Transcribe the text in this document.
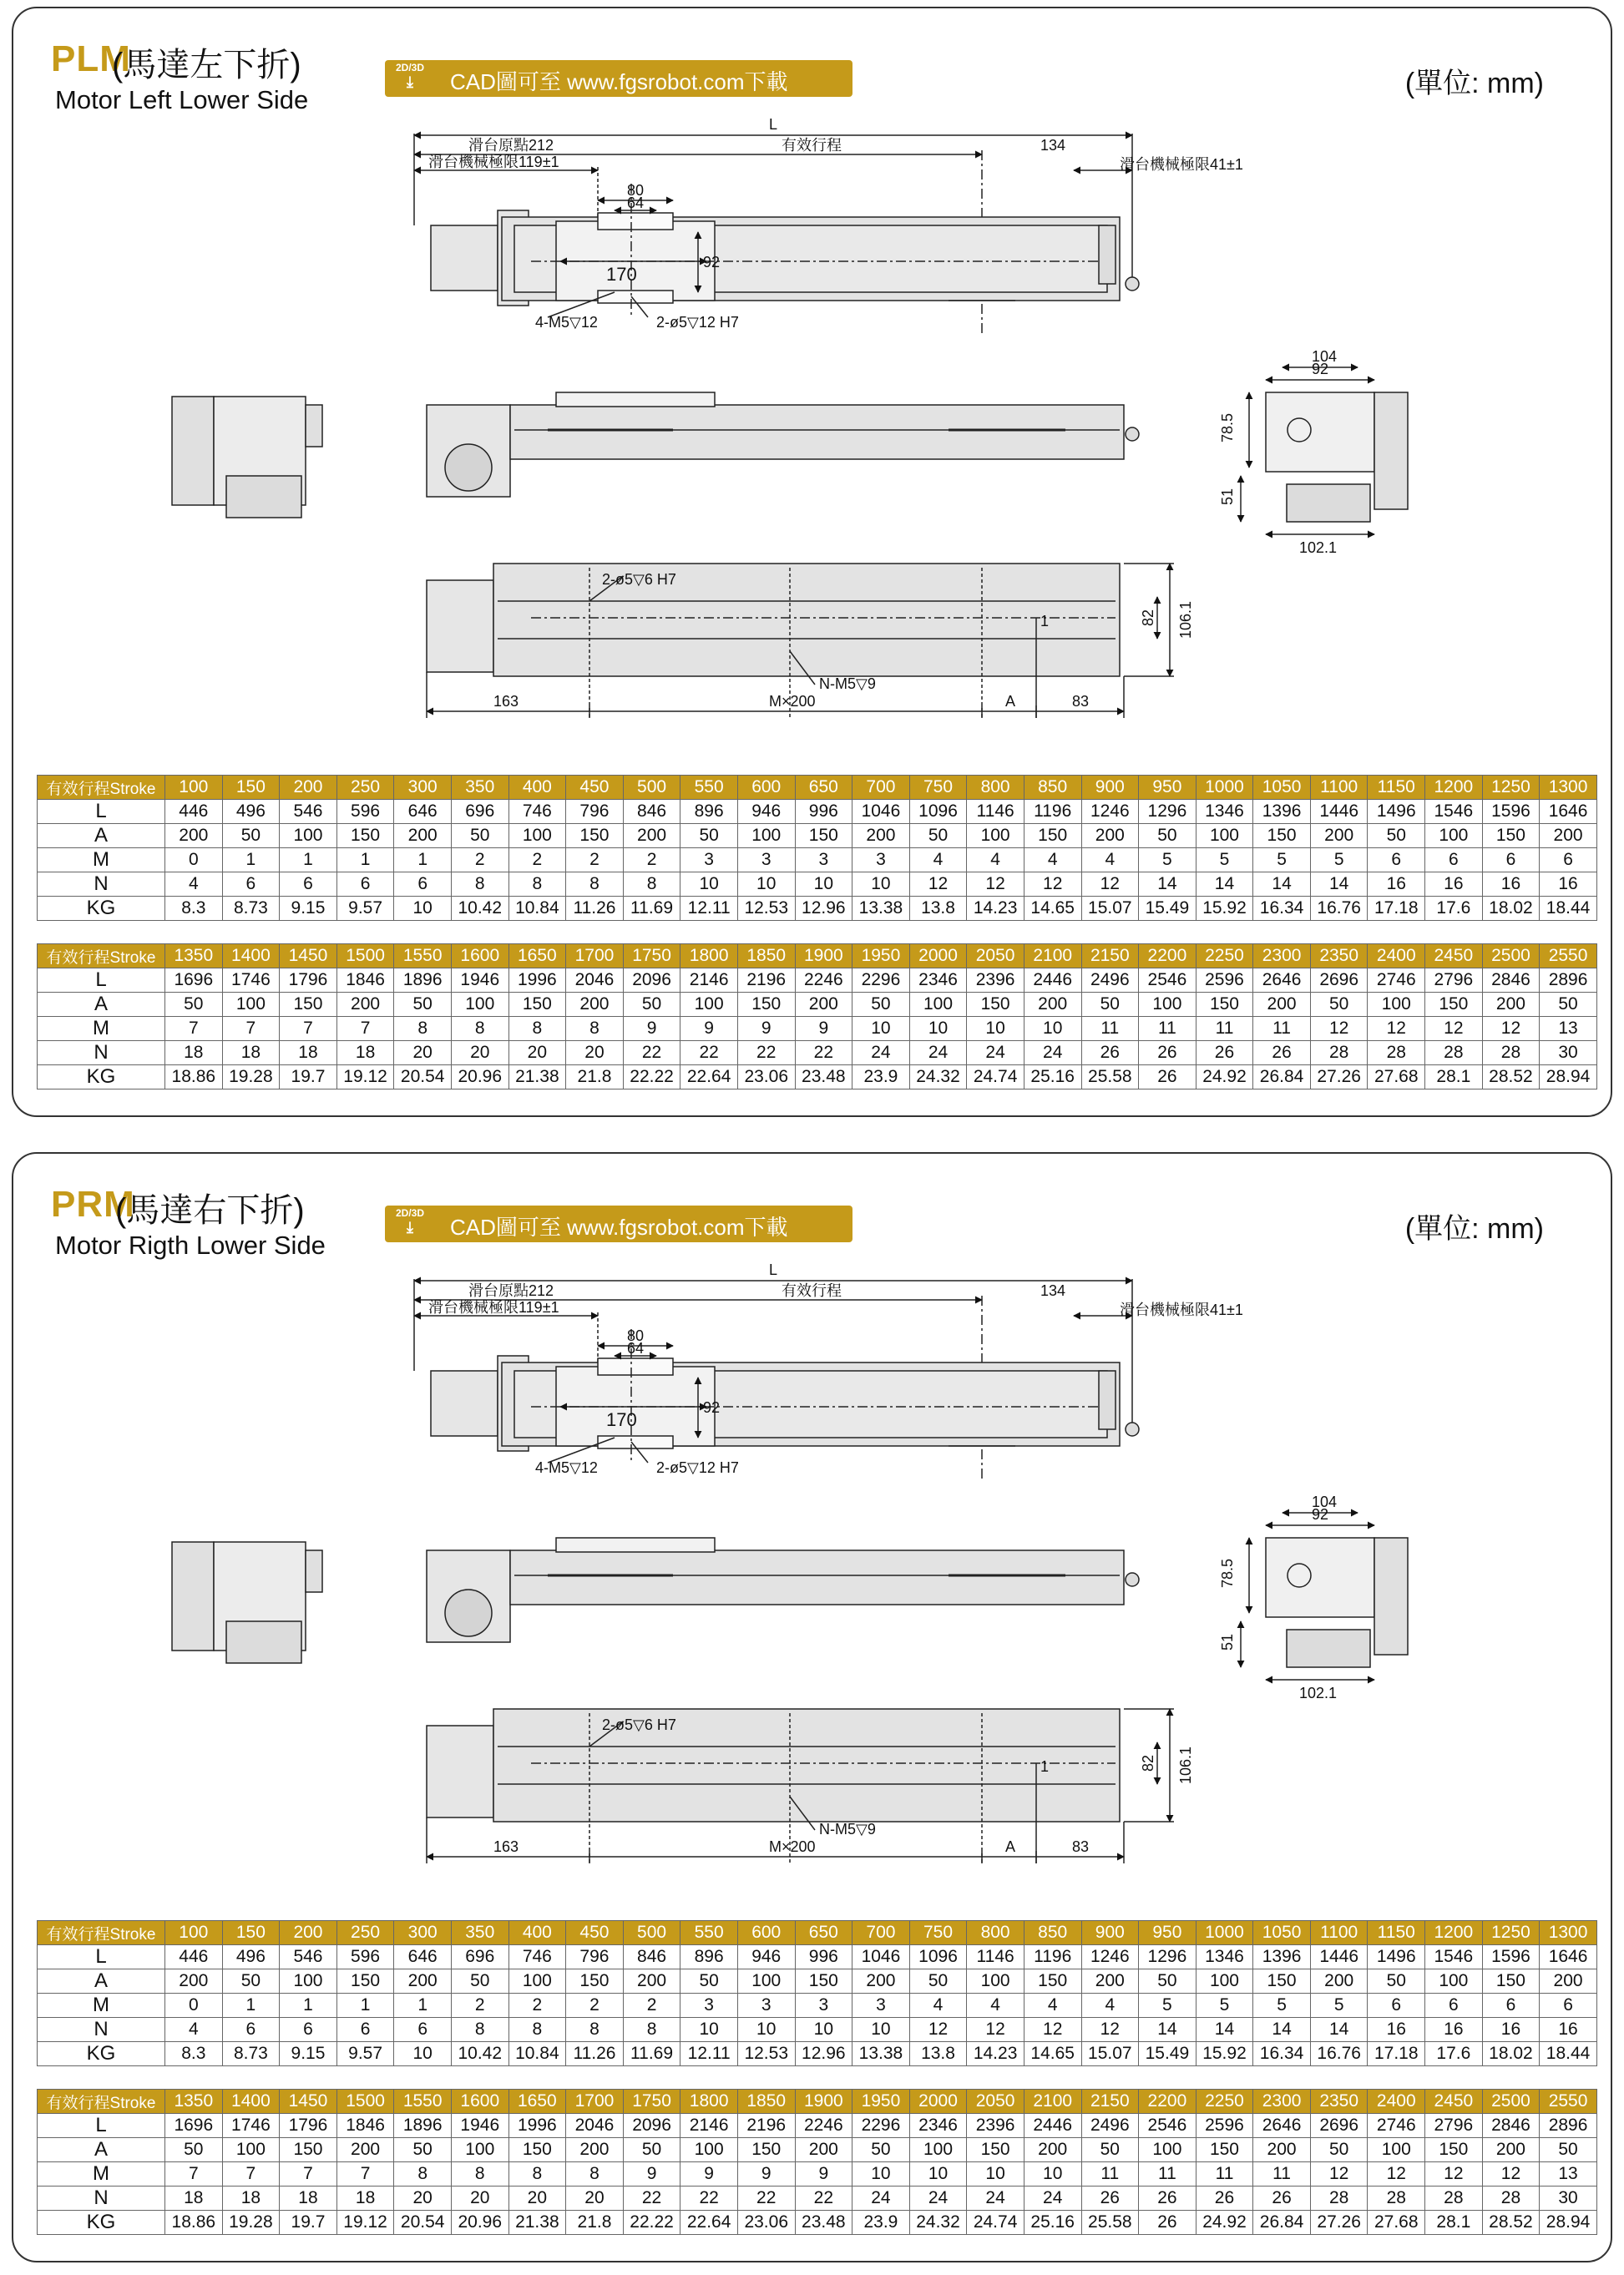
PLM
(馬達左下折)
Motor Left Lower Side
2D/3D
⤓	CAD圖可至 www.fgsrobot.com下載	(單位: mm)
L
滑台原點212	有效行程	134
滑台機械極限119±1	滑台機械極限41±1
80
64
170
92
4-M5▽12	2-ø5▽12 H7
104
92
78.5
51
102.1
2-ø5▽6 H7
N-M5▽9
82 106.1
1
163	M×200	A	83
有效行程Stroke	100	150	200	250	300	350	400	450	500	550	600	650	700	750	800	850	900	950	1000	1050	1100	1150	1200	1250	1300
L	446	496	546	596	646	696	746	796	846	896	946	996	1046	1096	1146	1196	1246	1296	1346	1396	1446	1496	1546	1596	1646
A	200	50	100	150	200	50	100	150	200	50	100	150	200	50	100	150	200	50	100	150	200	50	100	150	200
M	0	1	1	1	1	2	2	2	2	3	3	3	3	4	4	4	4	5	5	5	5	6	6	6	6
N	4	6	6	6	6	8	8	8	8	10	10	10	10	12	12	12	12	14	14	14	14	16	16	16	16
KG	8.3	8.73	9.15	9.57	10	10.42	10.84	11.26	11.69	12.11	12.53	12.96	13.38	13.8	14.23	14.65	15.07	15.49	15.92	16.34	16.76	17.18	17.6	18.02	18.44
有效行程Stroke	1350	1400	1450	1500	1550	1600	1650	1700	1750	1800	1850	1900	1950	2000	2050	2100	2150	2200	2250	2300	2350	2400	2450	2500	2550
L	1696	1746	1796	1846	1896	1946	1996	2046	2096	2146	2196	2246	2296	2346	2396	2446	2496	2546	2596	2646	2696	2746	2796	2846	2896
A	50	100	150	200	50	100	150	200	50	100	150	200	50	100	150	200	50	100	150	200	50	100	150	200	50
M	7	7	7	7	8	8	8	8	9	9	9	9	10	10	10	10	11	11	11	11	12	12	12	12	13
N	18	18	18	18	20	20	20	20	22	22	22	22	24	24	24	24	26	26	26	26	28	28	28	28	30
KG	18.86	19.28	19.7	19.12	20.54	20.96	21.38	21.8	22.22	22.64	23.06	23.48	23.9	24.32	24.74	25.16	25.58	26	24.92	26.84	27.26	27.68	28.1	28.52	28.94
PRM
(馬達右下折)
Motor Rigth Lower Side
2D/3D
⤓	CAD圖可至 www.fgsrobot.com下載	(單位: mm)
L
滑台原點212	有效行程	134
滑台機械極限119±1	滑台機械極限41±1
80
64
170
92
4-M5▽12	2-ø5▽12 H7
104
92
78.5
51
102.1
2-ø5▽6 H7
N-M5▽9
82 106.1
1
163	M×200	A	83
有效行程Stroke	100	150	200	250	300	350	400	450	500	550	600	650	700	750	800	850	900	950	1000	1050	1100	1150	1200	1250	1300
L	446	496	546	596	646	696	746	796	846	896	946	996	1046	1096	1146	1196	1246	1296	1346	1396	1446	1496	1546	1596	1646
A	200	50	100	150	200	50	100	150	200	50	100	150	200	50	100	150	200	50	100	150	200	50	100	150	200
M	0	1	1	1	1	2	2	2	2	3	3	3	3	4	4	4	4	5	5	5	5	6	6	6	6
N	4	6	6	6	6	8	8	8	8	10	10	10	10	12	12	12	12	14	14	14	14	16	16	16	16
KG	8.3	8.73	9.15	9.57	10	10.42	10.84	11.26	11.69	12.11	12.53	12.96	13.38	13.8	14.23	14.65	15.07	15.49	15.92	16.34	16.76	17.18	17.6	18.02	18.44
有效行程Stroke	1350	1400	1450	1500	1550	1600	1650	1700	1750	1800	1850	1900	1950	2000	2050	2100	2150	2200	2250	2300	2350	2400	2450	2500	2550
L	1696	1746	1796	1846	1896	1946	1996	2046	2096	2146	2196	2246	2296	2346	2396	2446	2496	2546	2596	2646	2696	2746	2796	2846	2896
A	50	100	150	200	50	100	150	200	50	100	150	200	50	100	150	200	50	100	150	200	50	100	150	200	50
M	7	7	7	7	8	8	8	8	9	9	9	9	10	10	10	10	11	11	11	11	12	12	12	12	13
N	18	18	18	18	20	20	20	20	22	22	22	22	24	24	24	24	26	26	26	26	28	28	28	28	30
KG	18.86	19.28	19.7	19.12	20.54	20.96	21.38	21.8	22.22	22.64	23.06	23.48	23.9	24.32	24.74	25.16	25.58	26	24.92	26.84	27.26	27.68	28.1	28.52	28.94
